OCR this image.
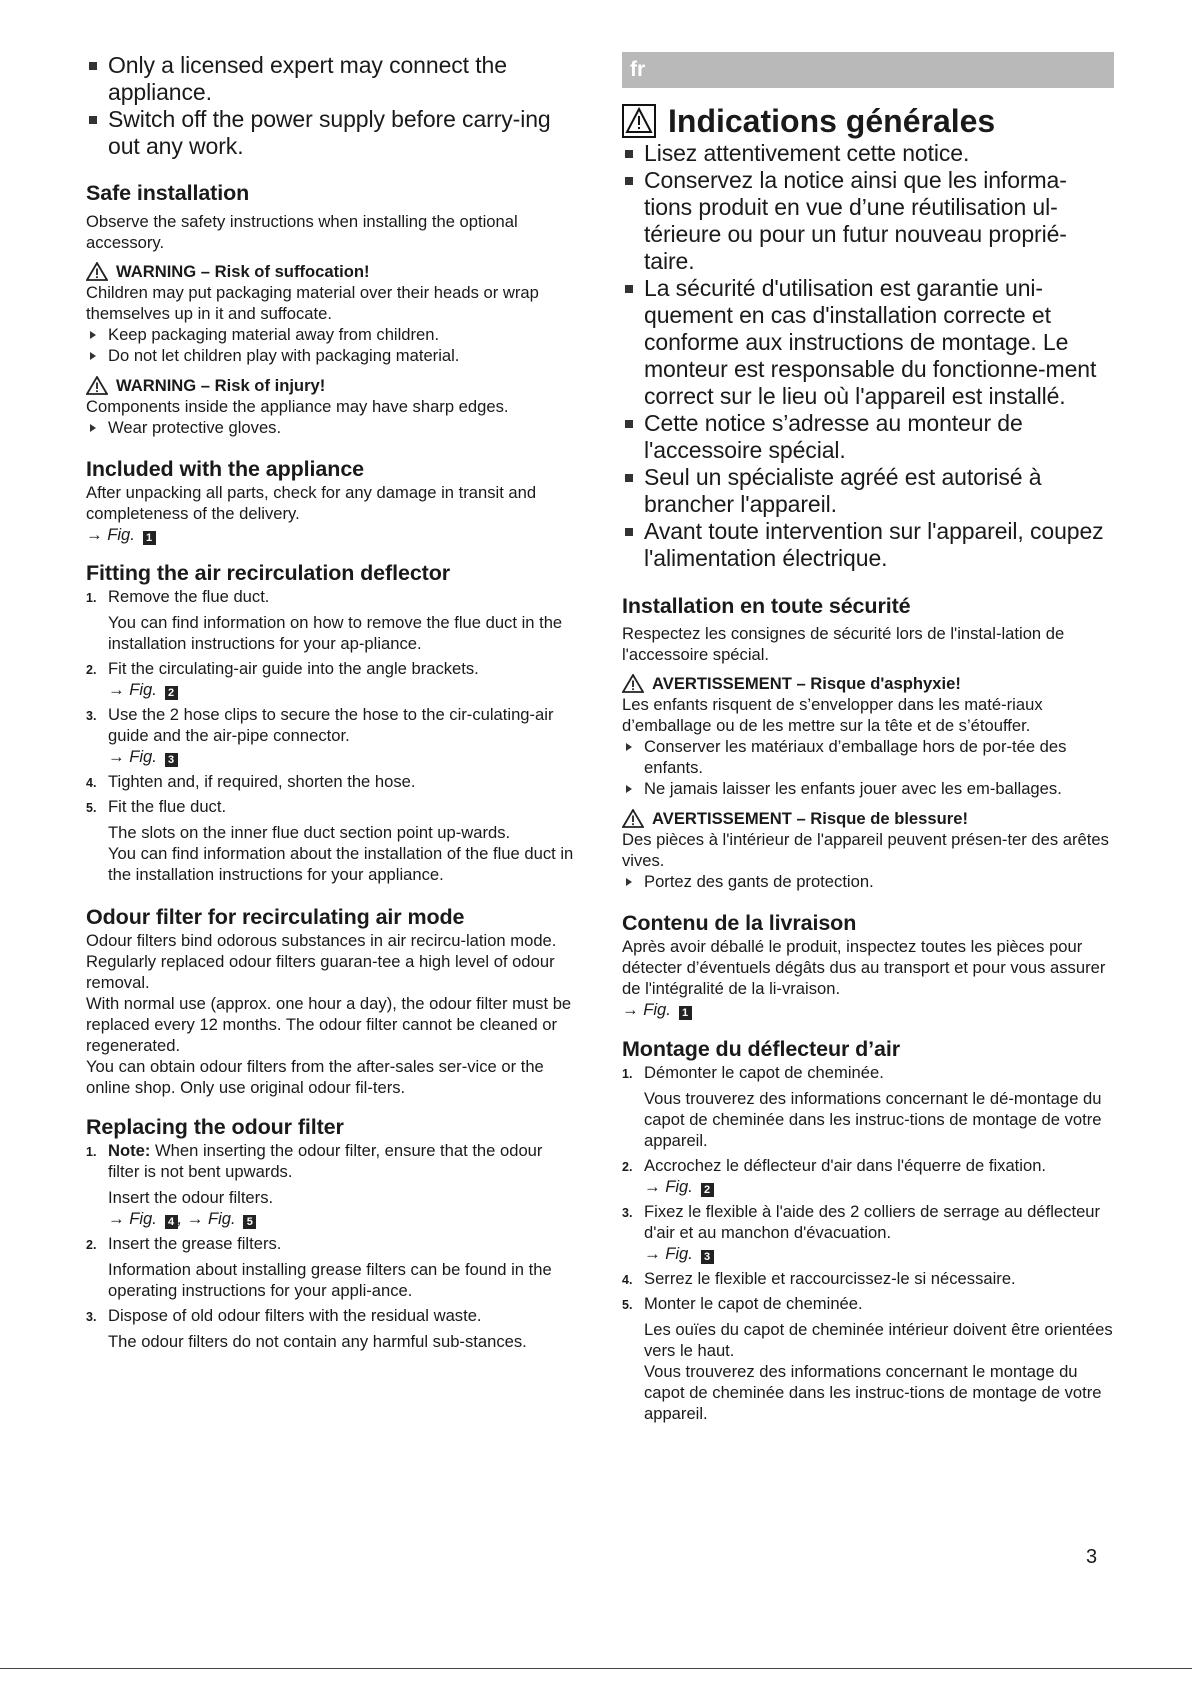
Only a licensed expert may connect the appliance.
Switch off the power supply before carry-ing out any work.
Safe installation

Observe the safety instructions when installing the optional accessory.

WARNING – Risk of suffocation!

Children may put packaging material over their heads or wrap themselves up in it and suffocate.

Keep packaging material away from children.
Do not let children play with packaging material.
WARNING – Risk of injury!

Components inside the appliance may have sharp edges.

Wear protective gloves.
Included with the appliance

After unpacking all parts, check for any damage in transit and completeness of the delivery.

→ Fig. 1
Fitting the air recirculation deflector
1. Remove the flue duct.
You can find information on how to remove the flue duct in the installation instructions for your ap-pliance.
2. Fit the circulating-air guide into the angle brackets.
→ Fig. 2
3. Use the 2 hose clips to secure the hose to the cir-culating-air guide and the air-pipe connector.
→ Fig. 3
4. Tighten and, if required, shorten the hose.
5. Fit the flue duct.
The slots on the inner flue duct section point up-wards.
You can find information about the installation of the flue duct in the installation instructions for your appliance.
Odour filter for recirculating air mode

Odour filters bind odorous substances in air recircu-lation mode. Regularly replaced odour filters guaran-tee a high level of odour removal.

With normal use (approx. one hour a day), the odour filter must be replaced every 12 months. The odour filter cannot be cleaned or regenerated.

You can obtain odour filters from the after-sales ser-vice or the online shop. Only use original odour fil-ters.

Replacing the odour filter
1. Note: When inserting the odour filter, ensure that the odour filter is not bent upwards.
Insert the odour filters.
→ Fig. 4 , → Fig. 5
2. Insert the grease filters.
Information about installing grease filters can be found in the operating instructions for your appli-ance.
3. Dispose of old odour filters with the residual waste.
The odour filters do not contain any harmful sub-stances.
fr
Indications générales
Lisez attentivement cette notice.
Conservez la notice ainsi que les informa-tions produit en vue d’une réutilisation ul-térieure ou pour un futur nouveau proprié-taire.
La sécurité d'utilisation est garantie uni-quement en cas d'installation correcte et conforme aux instructions de montage. Le monteur est responsable du fonctionne-ment correct sur le lieu où l'appareil est installé.
Cette notice s’adresse au monteur de l'accessoire spécial.
Seul un spécialiste agréé est autorisé à brancher l'appareil.
Avant toute intervention sur l'appareil, coupez l'alimentation électrique.
Installation en toute sécurité

Respectez les consignes de sécurité lors de l'instal-lation de l'accessoire spécial.

AVERTISSEMENT – Risque d'asphyxie!

Les enfants risquent de s’envelopper dans les maté-riaux d’emballage ou de les mettre sur la tête et de s’étouffer.

Conserver les matériaux d’emballage hors de por-tée des enfants.
Ne jamais laisser les enfants jouer avec les em-ballages.
AVERTISSEMENT – Risque de blessure!

Des pièces à l'intérieur de l'appareil peuvent présen-ter des arêtes vives.

Portez des gants de protection.
Contenu de la livraison

Après avoir déballé le produit, inspectez toutes les pièces pour détecter d’éventuels dégâts dus au transport et pour vous assurer de l'intégralité de la li-vraison.

→ Fig. 1
Montage du déflecteur d’air
1. Démonter le capot de cheminée.
Vous trouverez des informations concernant le dé-montage du capot de cheminée dans les instruc-tions de montage de votre appareil.
2. Accrochez le déflecteur d'air dans l'équerre de fixation.
→ Fig. 2
3. Fixez le flexible à l'aide des 2 colliers de serrage au déflecteur d'air et au manchon d'évacuation.
→ Fig. 3
4. Serrez le flexible et raccourcissez-le si nécessaire.
5. Monter le capot de cheminée.
Les ouïes du capot de cheminée intérieur doivent être orientées vers le haut.
Vous trouverez des informations concernant le montage du capot de cheminée dans les instruc-tions de montage de votre appareil.
3
